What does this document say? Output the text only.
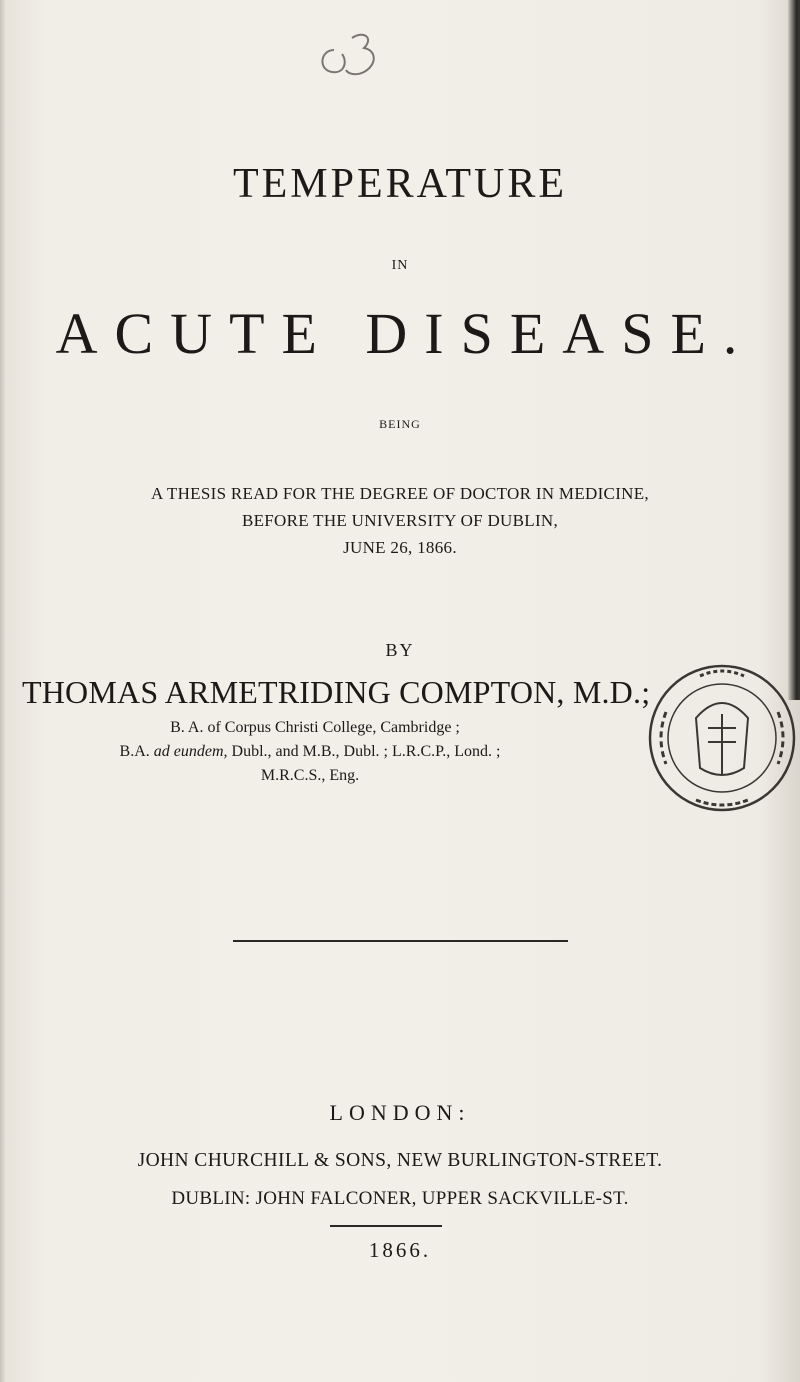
TEMPERATURE
IN
ACUTE DISEASE.
BEING
A THESIS READ FOR THE DEGREE OF DOCTOR IN MEDICINE,
BEFORE THE UNIVERSITY OF DUBLIN,
JUNE 26, 1866.
BY
THOMAS ARMETRIDING COMPTON, M.D.;
B. A. of Corpus Christi College, Cambridge ;
B.A. ad eundem, Dubl., and M.B., Dubl. ; L.R.C.P., Lond. ;
M.R.C.S., Eng.
LONDON:
JOHN CHURCHILL & SONS, NEW BURLINGTON-STREET.
DUBLIN: JOHN FALCONER, UPPER SACKVILLE-ST.
1866.
